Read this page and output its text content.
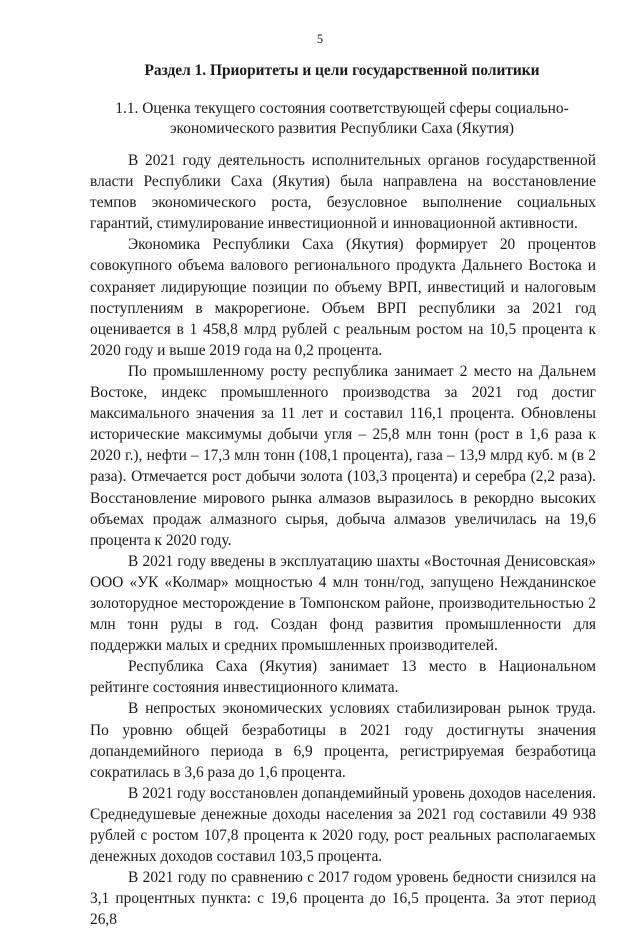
5
Раздел 1. Приоритеты и цели государственной политики
1.1. Оценка текущего состояния соответствующей сферы социально-экономического развития Республики Саха (Якутия)

В 2021 году деятельность исполнительных органов государственной власти Республики Саха (Якутия) была направлена на восстановление темпов экономического роста, безусловное выполнение социальных гарантий, стимулирование инвестиционной и инновационной активности.

Экономика Республики Саха (Якутия) формирует 20 процентов совокупного объема валового регионального продукта Дальнего Востока и сохраняет лидирующие позиции по объему ВРП, инвестиций и налоговым поступлениям в макрорегионе. Объем ВРП республики за 2021 год оценивается в 1 458,8 млрд рублей с реальным ростом на 10,5 процента к 2020 году и выше 2019 года на 0,2 процента.

По промышленному росту республика занимает 2 место на Дальнем Востоке, индекс промышленного производства за 2021 год достиг максимального значения за 11 лет и составил 116,1 процента. Обновлены исторические максимумы добычи угля – 25,8 млн тонн (рост в 1,6 раза к 2020 г.), нефти – 17,3 млн тонн (108,1 процента), газа – 13,9 млрд куб. м (в 2 раза). Отмечается рост добычи золота (103,3 процента) и серебра (2,2 раза). Восстановление мирового рынка алмазов выразилось в рекордно высоких объемах продаж алмазного сырья, добыча алмазов увеличилась на 19,6 процента к 2020 году.

В 2021 году введены в эксплуатацию шахты «Восточная Денисовская» ООО «УК «Колмар» мощностью 4 млн тонн/год, запущено Нежданинское золоторудное месторождение в Томпонском районе, производительностью 2 млн тонн руды в год. Создан фонд развития промышленности для поддержки малых и средних промышленных производителей.

Республика Саха (Якутия) занимает 13 место в Национальном рейтинге состояния инвестиционного климата.

В непростых экономических условиях стабилизирован рынок труда. По уровню общей безработицы в 2021 году достигнуты значения допандемийного периода в 6,9 процента, регистрируемая безработица сократилась в 3,6 раза до 1,6 процента.

В 2021 году восстановлен допандемийный уровень доходов населения. Среднедушевые денежные доходы населения за 2021 год составили 49 938 рублей с ростом 107,8 процента к 2020 году, рост реальных располагаемых денежных доходов составил 103,5 процента.

В 2021 году по сравнению с 2017 годом уровень бедности снизился на 3,1 процентных пункта: с 19,6 процента до 16,5 процента. За этот период 26,8
